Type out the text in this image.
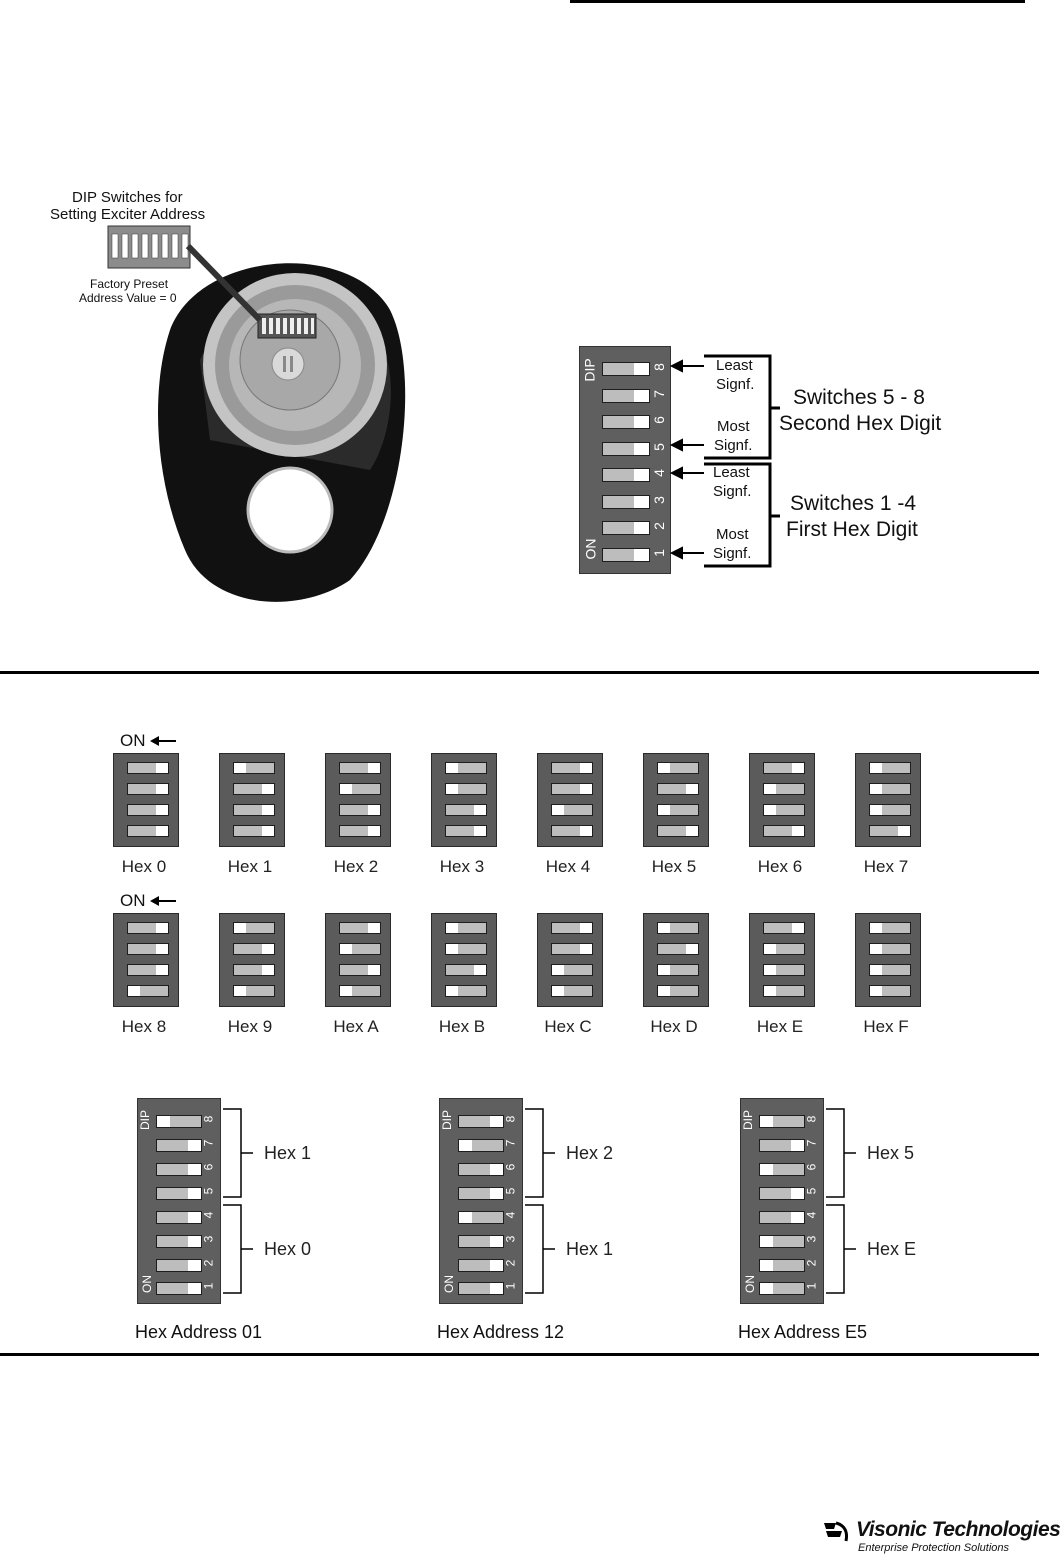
DIP Switches for
Setting Exciter Address
Factory Preset
Address Value = 0
DIP
ON	1
2
3
4
5
6
7
8	Least
Signf.
Most
Signf.
Least
Signf.
Most
Signf.
Switches 5 - 8
Second Hex Digit
Switches 1 -4
First Hex Digit
ON
ON
Hex 0	Hex 1	Hex 2	Hex 3	Hex 4	Hex 5	Hex 6	Hex 7
Hex 8	Hex 9	Hex A	Hex B	Hex C	Hex D	Hex E	Hex F
DIP
ON	1
2
3
4
5
6
7
8
Hex 1
Hex 0
Hex Address 01
DIP
ON	1
2
3
4
5
6
7
8
Hex 2
Hex 1
Hex Address 12
DIP
ON	1
2
3
4
5
6
7
8
Hex 5
Hex E
Hex Address E5
Visonic Technologies
Enterprise Protection Solutions
